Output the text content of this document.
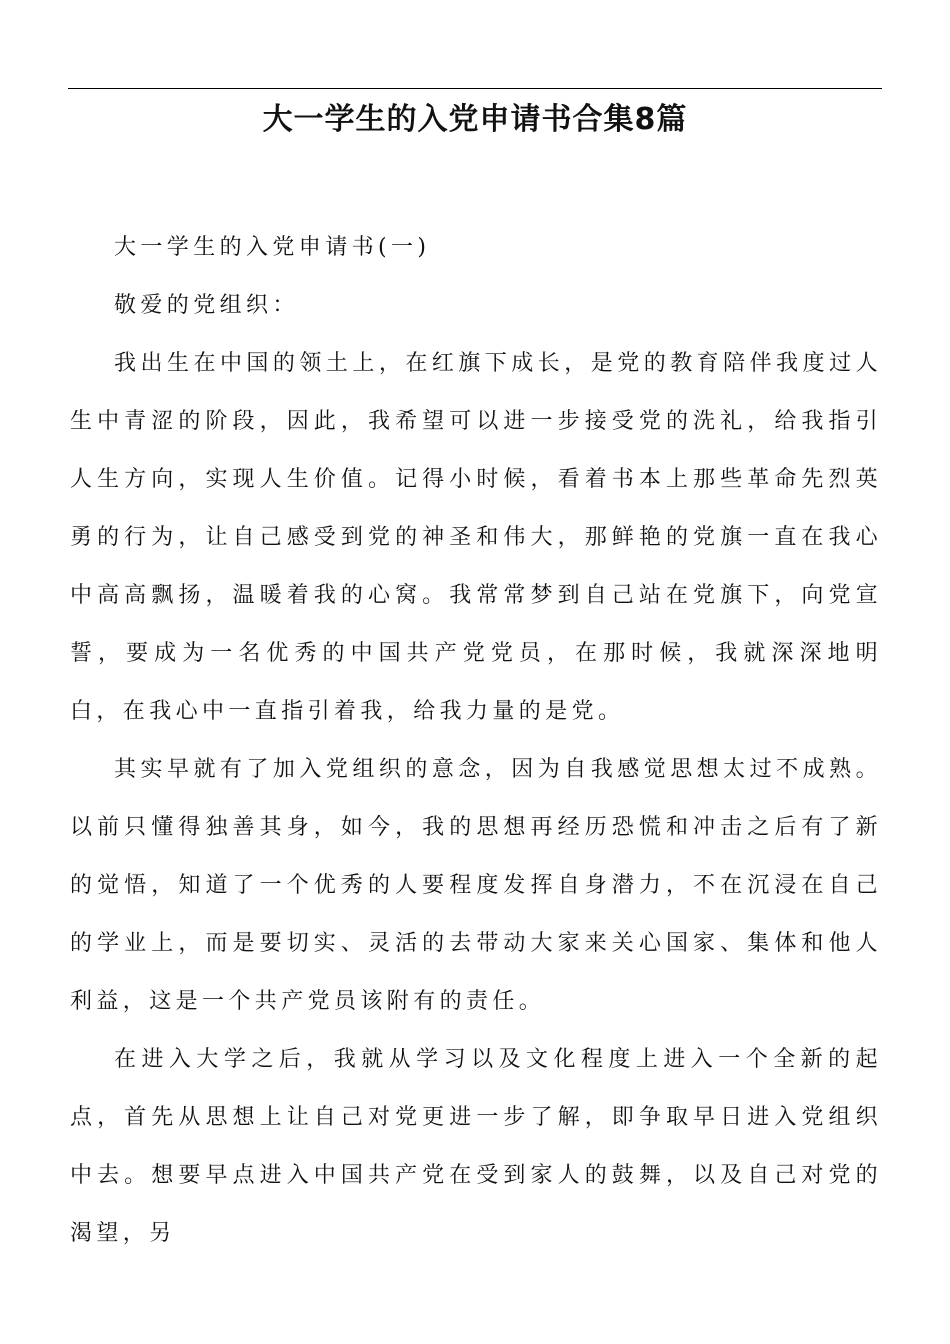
大一学生的入党申请书合集8篇

大一学生的入党申请书(一)

敬爱的党组织：

我出生在中国的领土上，在红旗下成长，是党的教育陪伴我度过人生中青涩的阶段，因此，我希望可以进一步接受党的洗礼，给我指引人生方向，实现人生价值。记得小时候，看着书本上那些革命先烈英勇的行为，让自己感受到党的神圣和伟大，那鲜艳的党旗一直在我心中高高飘扬，温暖着我的心窝。我常常梦到自己站在党旗下，向党宣誓，要成为一名优秀的中国共产党党员，在那时候，我就深深地明白，在我心中一直指引着我，给我力量的是党。

其实早就有了加入党组织的意念，因为自我感觉思想太过不成熟。以前只懂得独善其身，如今，我的思想再经历恐慌和冲击之后有了新的觉悟，知道了一个优秀的人要程度发挥自身潜力，不在沉浸在自己的学业上，而是要切实、灵活的去带动大家来关心国家、集体和他人利益，这是一个共产党员该附有的责任。

在进入大学之后，我就从学习以及文化程度上进入一个全新的起点，首先从思想上让自己对党更进一步了解，即争取早日进入党组织中去。想要早点进入中国共产党在受到家人的鼓舞，以及自己对党的渴望，另
